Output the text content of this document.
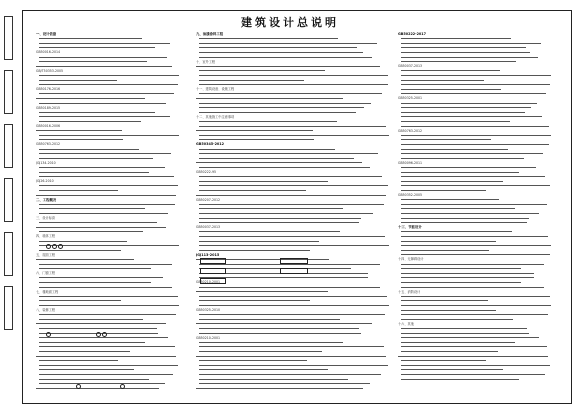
建筑设计总说明
一、设计依据
GB50016-2014
GB/T50353-2005
GB50176-2016
GB50189-2015
GB50016-2006
GB50763-2012
JGJ134-2010
JGJ26-2010
二、工程概况
三、设计标高
四、墙体工程
五、屋面工程
六、门窗工程
七、楼地面工程
八、装修工程
九、油漆涂料工程
十、室外工程
十一、建筑设备、设施工程
十二、其他施工中注意事项
GB50345-2012
GB50222-95
GB50207-2012
GB50037-2013
JGJ113-2015
GB50210-2001
GB50325-2010
GB50210-2001
GB50222-2017
GB50037-2013
GB50325-2001
GB50763-2012
GB50096-2011
GB50352-2005
十三、节能设计
十四、无障碍设计
十五、消防设计
十六、其他
